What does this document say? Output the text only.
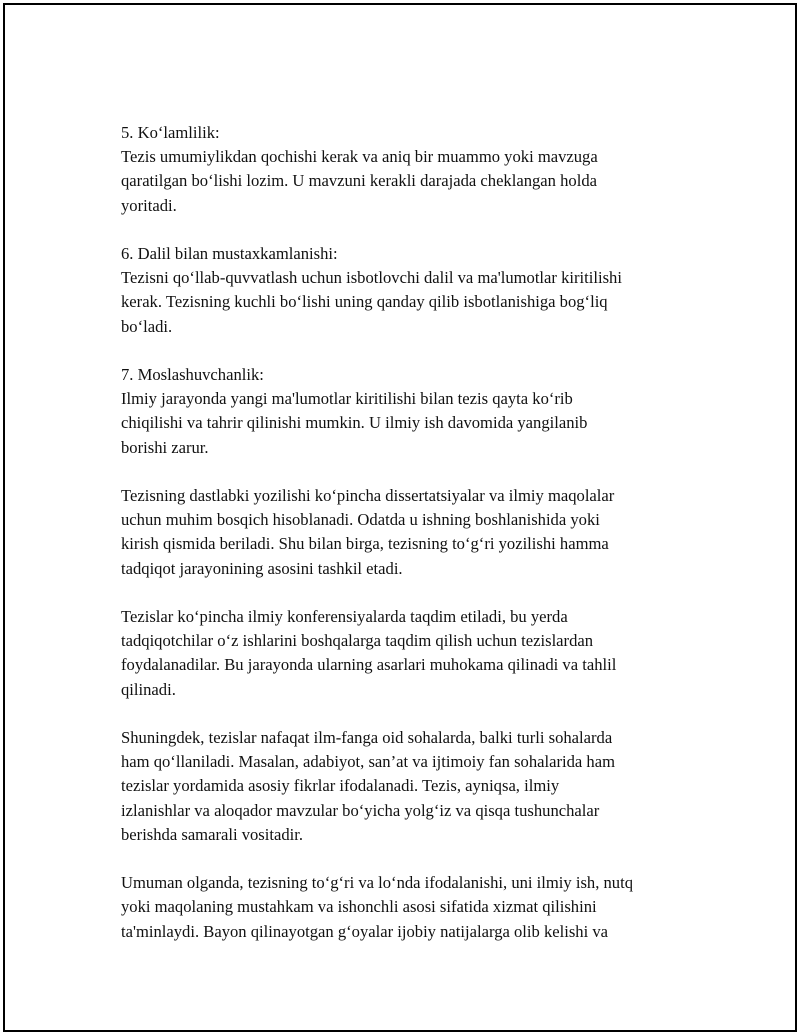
5. Ko‘lamlilik:
Tezis umumiylikdan qochishi kerak va aniq bir muammo yoki mavzuga
qaratilgan bo‘lishi lozim. U mavzuni kerakli darajada cheklangan holda
yoritadi.
6. Dalil bilan mustaxkamlanishi:
Tezisni qo‘llab-quvvatlash uchun isbotlovchi dalil va ma'lumotlar kiritilishi
kerak. Tezisning kuchli bo‘lishi uning qanday qilib isbotlanishiga bog‘liq
bo‘ladi.
7. Moslashuvchanlik:
Ilmiy jarayonda yangi ma'lumotlar kiritilishi bilan tezis qayta ko‘rib
chiqilishi va tahrir qilinishi mumkin. U ilmiy ish davomida yangilanib
borishi zarur.
Tezisning dastlabki yozilishi ko‘pincha dissertatsiyalar va ilmiy maqolalar
uchun muhim bosqich hisoblanadi. Odatda u ishning boshlanishida yoki
kirish qismida beriladi. Shu bilan birga, tezisning to‘g‘ri yozilishi hamma
tadqiqot jarayonining asosini tashkil etadi.
Tezislar ko‘pincha ilmiy konferensiyalarda taqdim etiladi, bu yerda
tadqiqotchilar o‘z ishlarini boshqalarga taqdim qilish uchun tezislardan
foydalanadilar. Bu jarayonda ularning asarlari muhokama qilinadi va tahlil
qilinadi.
Shuningdek, tezislar nafaqat ilm-fanga oid sohalarda, balki turli sohalarda
ham qo‘llaniladi. Masalan, adabiyot, san’at va ijtimoiy fan sohalarida ham
tezislar yordamida asosiy fikrlar ifodalanadi. Tezis, ayniqsa, ilmiy
izlanishlar va aloqador mavzular bo‘yicha yolg‘iz va qisqa tushunchalar
berishda samarali vositadir.
Umuman olganda, tezisning to‘g‘ri va lo‘nda ifodalanishi, uni ilmiy ish, nutq
yoki maqolaning mustahkam va ishonchli asosi sifatida xizmat qilishini
ta'minlaydi. Bayon qilinayotgan g‘oyalar ijobiy natijalarga olib kelishi va
